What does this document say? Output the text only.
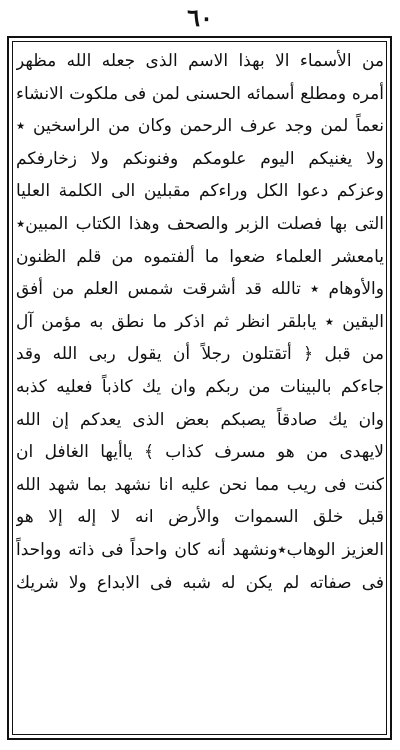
٦٠
من الأسماء الا بهذا الاسم الذى جعله الله مظهر
أمره ومطلع أسمائه الحسنى لمن فى ملكوت الانشاء
نعماً لمن وجد عرف الرحمن وكان من الراسخين ٭
ولا يغنيكم اليوم علومكم وفنونكم ولا زخارفكم
وعزكم دعوا الكل وراءكم مقبلين الى الكلمة العليا
التى بها فصلت الزبر والصحف وهذا الكتاب المبين٭
يامعشر العلماء ضعوا ما ألفتموه من قلم الظنون
والأوهام ٭ تالله قد أشرقت شمس العلم من أفق
اليقين ٭ يابلقر انظر ثم اذكر ما نطق به مؤمن آل
من قبل ﴿ أتقتلون رجلاً أن يقول ربى الله وقد
جاءكم بالبينات من ربكم وان يك كاذباً فعليه كذبه
وان يك صادقاً يصبكم بعض الذى يعدكم إن الله
لايهدى من هو مسرف كذاب ﴾ ياأيها الغافل ان
كنت فى ريب مما نحن عليه انا نشهد بما شهد الله
قبل خلق السموات والأرض انه لا إله إلا هو
العزيز الوهاب٭ونشهد أنه كان واحداً فى ذاته وواحداً
فى صفاته لم يكن له شبه فى الابداع ولا شريك
